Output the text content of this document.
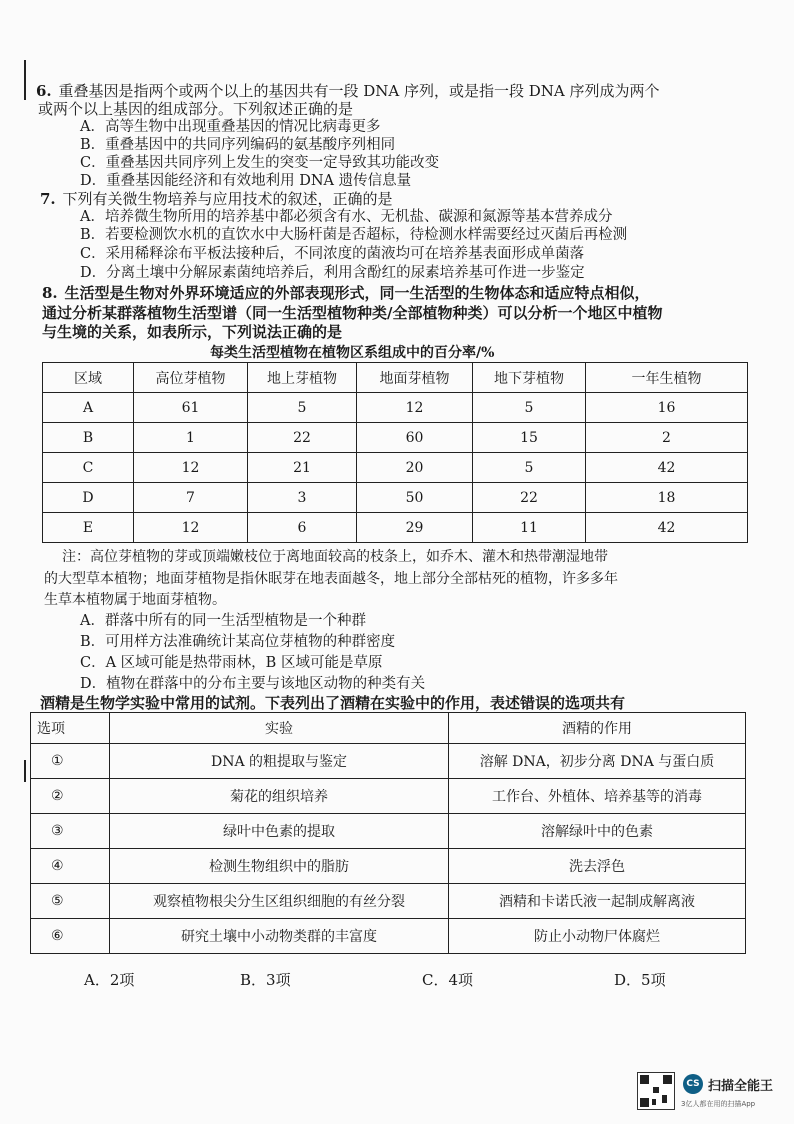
6. 重叠基因是指两个或两个以上的基因共有一段 DNA 序列，或是指一段 DNA 序列成为两个
或两个以上基因的组成部分。下列叙述正确的是
A．高等生物中出现重叠基因的情况比病毒更多
B．重叠基因中的共同序列编码的氨基酸序列相同
C．重叠基因共同序列上发生的突变一定导致其功能改变
D．重叠基因能经济和有效地利用 DNA 遗传信息量
7. 下列有关微生物培养与应用技术的叙述，正确的是
A．培养微生物所用的培养基中都必须含有水、无机盐、碳源和氮源等基本营养成分
B．若要检测饮水机的直饮水中大肠杆菌是否超标，待检测水样需要经过灭菌后再检测
C．采用稀释涂布平板法接种后，不同浓度的菌液均可在培养基表面形成单菌落
D．分离土壤中分解尿素菌纯培养后，利用含酚红的尿素培养基可作进一步鉴定
8. 生活型是生物对外界环境适应的外部表现形式，同一生活型的生物体态和适应特点相似，
通过分析某群落植物生活型谱（同一生活型植物种类/全部植物种类）可以分析一个地区中植物
与生境的关系，如表所示，下列说法正确的是
每类生活型植物在植物区系组成中的百分率/%
区域	高位芽植物	地上芽植物	地面芽植物	地下芽植物	一年生植物
A	61	5	12	5	16
B	1	22	60	15	2
C	12	21	20	5	42
D	7	3	50	22	18
E	12	6	29	11	42
注：高位芽植物的芽或顶端嫩枝位于离地面较高的枝条上，如乔木、灌木和热带潮湿地带
的大型草本植物；地面芽植物是指休眠芽在地表面越冬，地上部分全部枯死的植物，许多多年
生草本植物属于地面芽植物。
A．群落中所有的同一生活型植物是一个种群
B．可用样方法准确统计某高位芽植物的种群密度
C．A 区域可能是热带雨林，B 区域可能是草原
D．植物在群落中的分布主要与该地区动物的种类有关
酒精是生物学实验中常用的试剂。下表列出了酒精在实验中的作用，表述错误的选项共有
选项	实验	酒精的作用
①	DNA 的粗提取与鉴定	溶解 DNA，初步分离 DNA 与蛋白质
②	菊花的组织培养	工作台、外植体、培养基等的消毒
③	绿叶中色素的提取	溶解绿叶中的色素
④	检测生物组织中的脂肪	洗去浮色
⑤	观察植物根尖分生区组织细胞的有丝分裂	酒精和卡诺氏液一起制成解离液
⑥	研究土壤中小动物类群的丰富度	防止小动物尸体腐烂
A．2项	B．3项	C．4项	D．5项
CS 扫描全能王
3亿人都在用的扫描App
